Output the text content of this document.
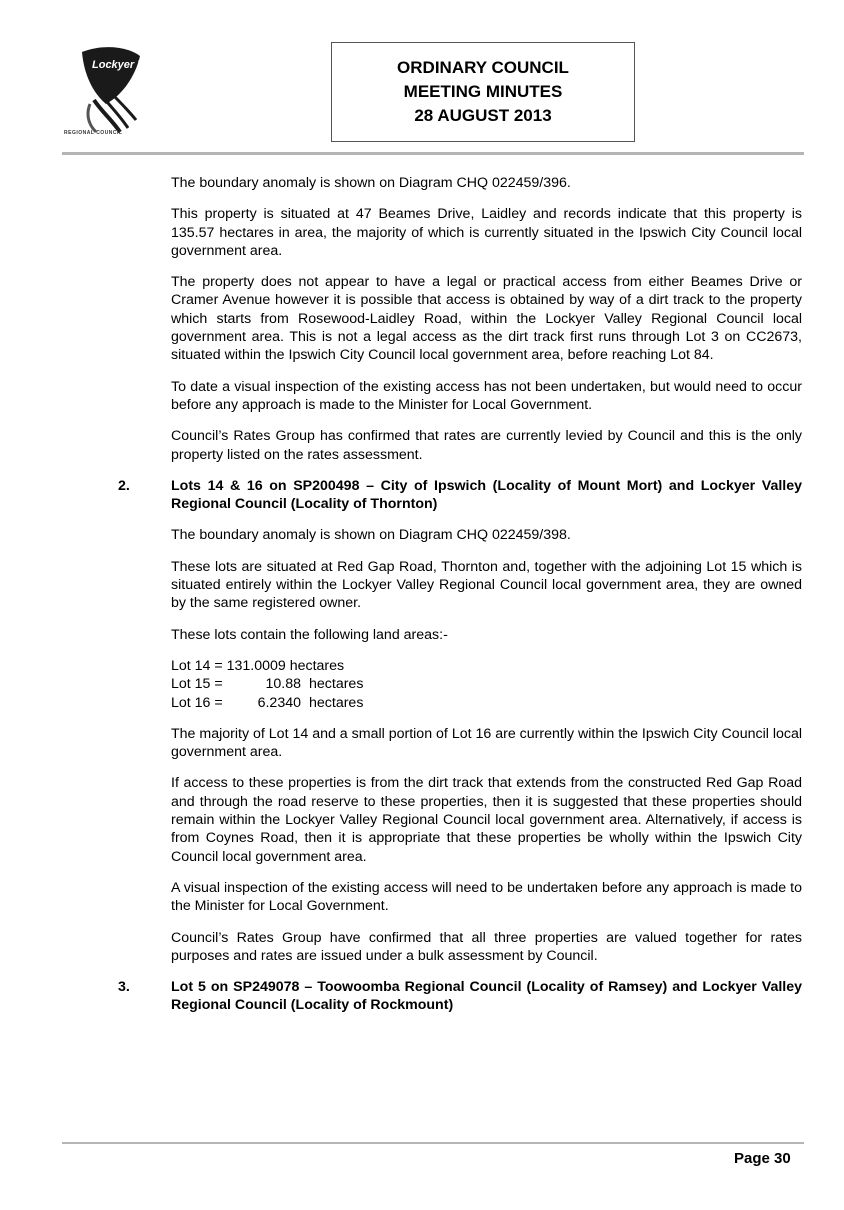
Lockyer Valley
REGIONAL COUNCIL
ORDINARY COUNCIL
MEETING MINUTES
28 AUGUST 2013

The boundary anomaly is shown on Diagram CHQ 022459/396.

This property is situated at 47 Beames Drive, Laidley and records indicate that this property is 135.57 hectares in area, the majority of which is currently situated in the Ipswich City Council local government area.

The property does not appear to have a legal or practical access from either Beames Drive or Cramer Avenue however it is possible that access is obtained by way of a dirt track to the property which starts from Rosewood-Laidley Road, within the Lockyer Valley Regional Council local government area. This is not a legal access as the dirt track first runs through Lot 3 on CC2673, situated within the Ipswich City Council local government area, before reaching Lot 84.

To date a visual inspection of the existing access has not been undertaken, but would need to occur before any approach is made to the Minister for Local Government.

Council’s Rates Group has confirmed that rates are currently levied by Council and this is the only property listed on the rates assessment.

2.	Lots 14 & 16 on SP200498 – City of Ipswich (Locality of Mount Mort) and Lockyer Valley Regional Council (Locality of Thornton)

The boundary anomaly is shown on Diagram CHQ 022459/398.

These lots are situated at Red Gap Road, Thornton and, together with the adjoining Lot 15 which is situated entirely within the Lockyer Valley Regional Council local government area, they are owned by the same registered owner.

These lots contain the following land areas:-

Lot 14 = 131.0009 hectares
Lot 15 =	10.88 hectares
Lot 16 =	6.2340 hectares

The majority of Lot 14 and a small portion of Lot 16 are currently within the Ipswich City Council local government area.

If access to these properties is from the dirt track that extends from the constructed Red Gap Road and through the road reserve to these properties, then it is suggested that these properties should remain within the Lockyer Valley Regional Council local government area. Alternatively, if access is from Coynes Road, then it is appropriate that these properties be wholly within the Ipswich City Council local government area.

A visual inspection of the existing access will need to be undertaken before any approach is made to the Minister for Local Government.

Council’s Rates Group have confirmed that all three properties are valued together for rates purposes and rates are issued under a bulk assessment by Council.

3.	Lot 5 on SP249078 – Toowoomba Regional Council (Locality of Ramsey) and Lockyer Valley Regional Council (Locality of Rockmount)
Page 30
